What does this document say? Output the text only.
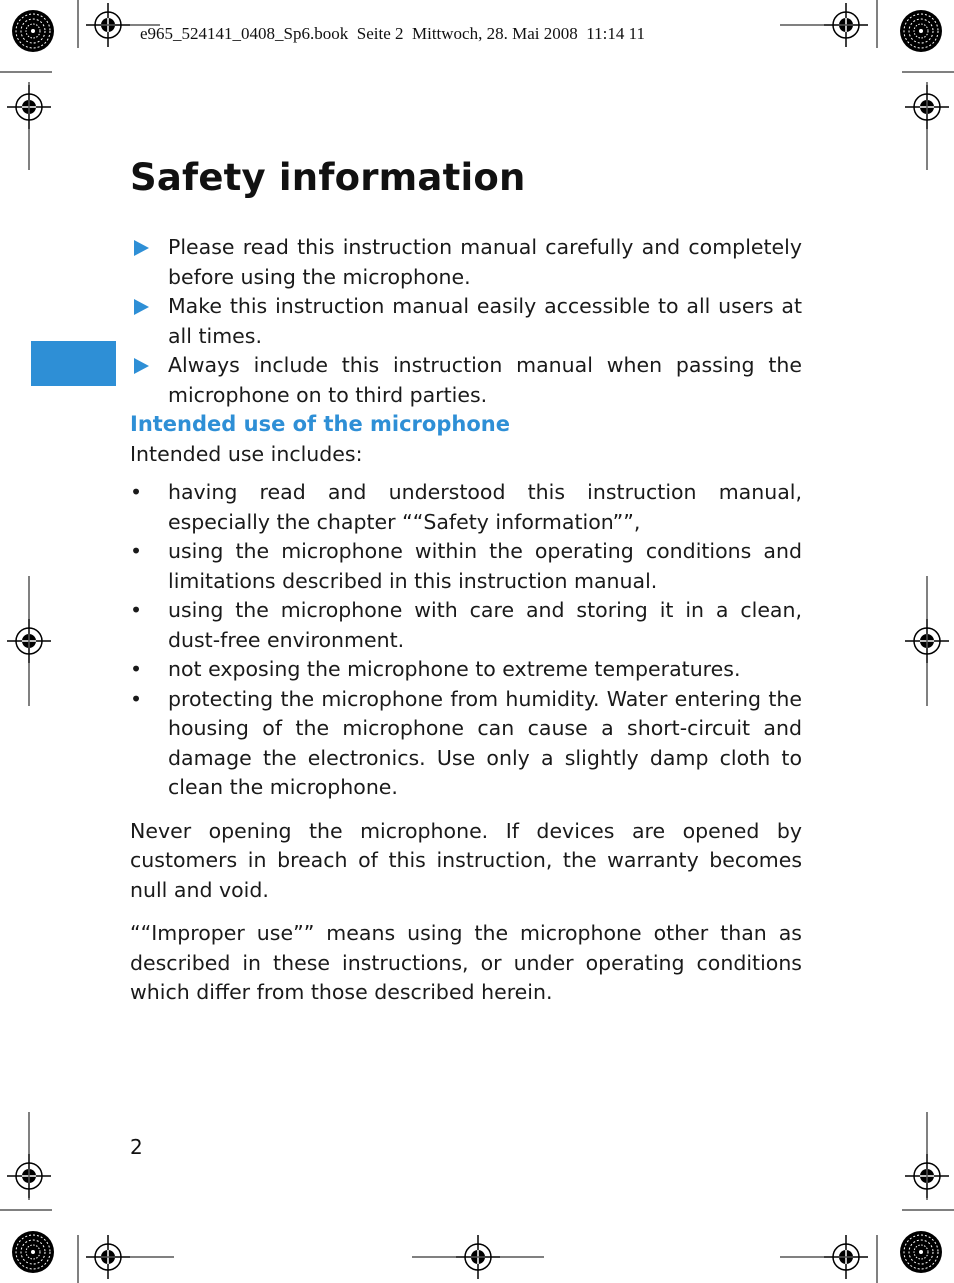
e965_524141_0408_Sp6.book  Seite 2  Mittwoch, 28. Mai 2008  11:14 11
Safety information

Please read this instruction manual carefully and completely before using the microphone.

Make this instruction manual easily accessible to all users at all times.

Always include this instruction manual when passing the microphone on to third parties.

Intended use of the microphone

Intended use includes:

• having read and understood this instruction manual, especially the chapter ““Safety information””,

• using the microphone within the operating conditions and limitations described in this instruction manual.

• using the microphone with care and storing it in a clean, dust-free environment.

• not exposing the microphone to extreme temperatures.

• protecting the microphone from humidity. Water entering the housing of the microphone can cause a short-circuit and damage the electronics. Use only a slightly damp cloth to clean the microphone.

Never opening the microphone. If devices are opened by customers in breach of this instruction, the warranty becomes null and void.

““Improper use”” means using the microphone other than as described in these instructions, or under operating conditions which differ from those described herein.

2
